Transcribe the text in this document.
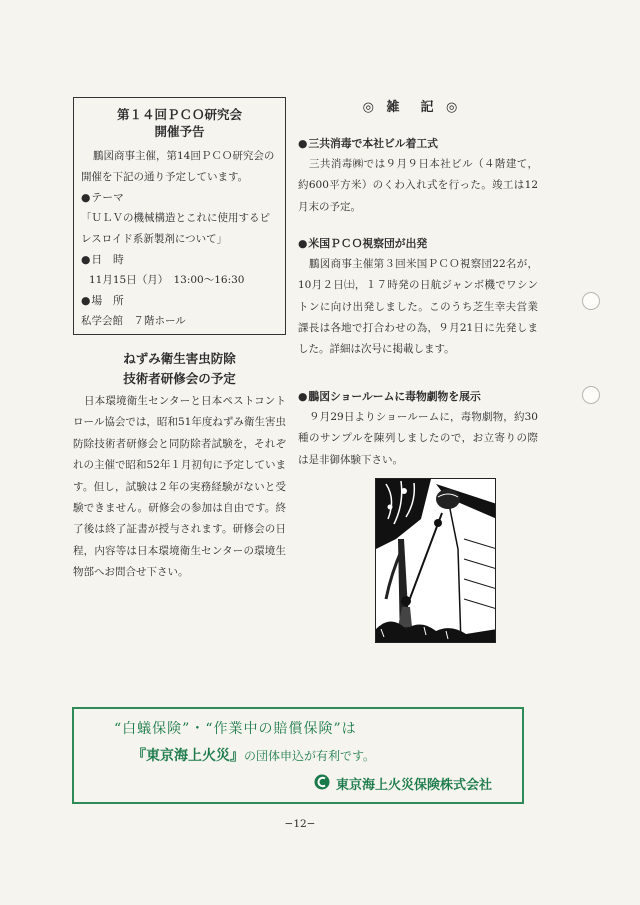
第１４回ＰＣＯ研究会
開催予告
鵬図商事主催，第14回ＰＣＯ研究会の
開催を下記の通り予定しています。
● テーマ
「ＵＬＶの機械構造とこれに使用するピ
レスロイド系新製剤について」
● 日　時
11月15日（月）　13:00〜16:30
● 場　所
私学会館　７階ホール
ねずみ衛生害虫防除
技術者研修会の予定
日本環境衛生センターと日本ペストコントロール協会では，昭和51年度ねずみ衛生害虫防除技術者研修会と同防除者試験を，それぞれの主催で昭和52年１月初旬に予定しています。但し，試験は２年の実務経験がないと受験できません。研修会の参加は自由です。終了後は終了証書が授与されます。研修会の日程，内容等は日本環境衛生センターの環境生物部へお問合せ下さい。
◎ 雑　記 ◎
● 三共消毒で本社ビル着工式
三共消毒㈱では９月９日本社ビル（４階建て，約600平方米）のくわ入れ式を行った。竣工は12月末の予定。
● 米国ＰＣＯ視察団が出発
鵬図商事主催第３回米国ＰＣＯ視察団22名が，10月２日㈯，１７時発の日航ジャンボ機でワシントンに向け出発しました。このうち芝生幸夫営業課長は各地で打合わせの為，９月21日に先発しました。詳細は次号に掲載します。
● 鵬図ショールームに毒物劇物を展示
９月29日よりショールームに，毒物劇物，約30種のサンプルを陳列しましたので，お立寄りの際は是非御体験下さい。
“白蟻保険”・“作業中の賠償保険”は
『東京海上火災』の団体申込が有利です。
東京海上火災保険株式会社
−12−
